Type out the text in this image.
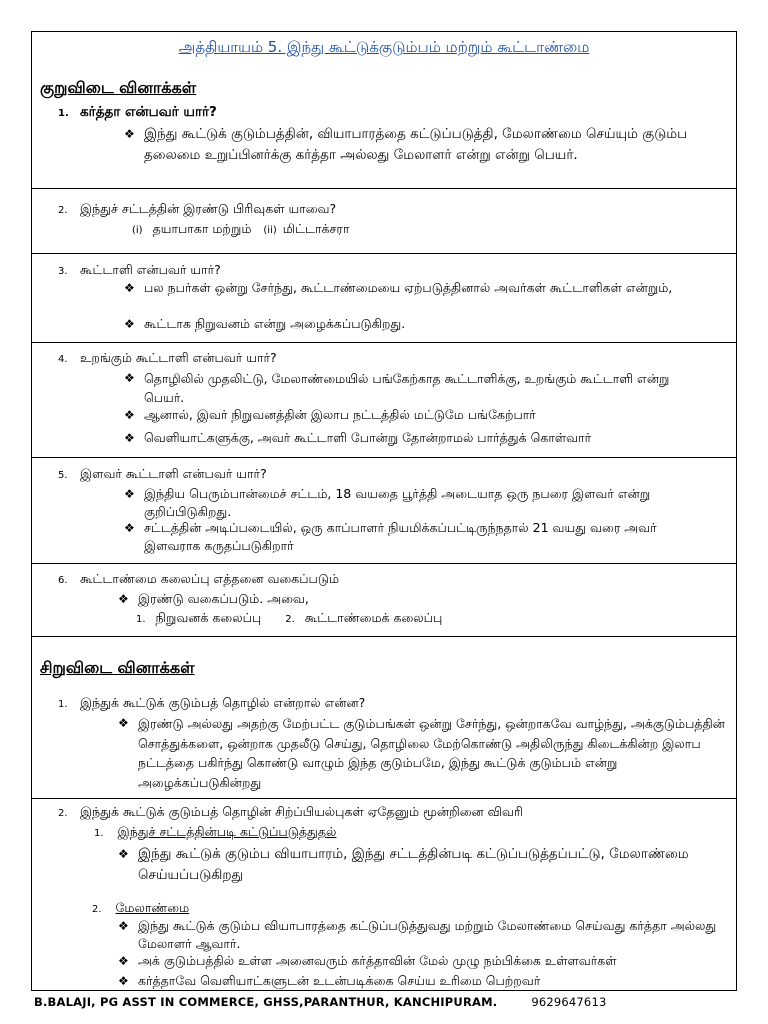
அத்தியாயம் 5. இந்து கூட்டுக்குடும்பம் மற்றும் கூட்டாண்மை
குறுவிடை வினாக்கள்
1. கர்த்தா என்பவர் யார்?
❖ இந்து கூட்டுக் குடும்பத்தின், வியாபாரத்தை கட்டுப்படுத்தி, மேலாண்மை செய்யும் குடும்ப தலைமை உறுப்பினர்க்கு கர்த்தா அல்லது மேலாளர் என்று என்று பெயர்.
2. இந்துச் சட்டத்தின் இரண்டு பிரிவுகள் யாவை?
(i) தயாபாகா மற்றும் (ii) மிட்டாக்சரா
3. கூட்டாளி என்பவர் யார்?
❖ பல நபர்கள் ஒன்று சேர்ந்து, கூட்டாண்மையை ஏற்படுத்தினால் அவர்கள் கூட்டாளிகள் என்றும்,
❖ கூட்டாக நிறுவனம் என்று அழைக்கப்படுகிறது.
4. உறங்கும் கூட்டாளி என்பவர் யார்?
❖ தொழிலில் முதலிட்டு, மேலாண்மையில் பங்கேற்காத கூட்டாளிக்கு, உறங்கும் கூட்டாளி என்று பெயர்.
❖ ஆனால், இவர் நிறுவனத்தின் இலாப நட்டத்தில் மட்டுமே பங்கேற்பார்
❖ வெளியாட்களுக்கு, அவர் கூட்டாளி போன்று தோன்றாமல் பார்த்துக் கொள்வார்
5. இளவர் கூட்டாளி என்பவர் யார்?
❖ இந்திய பெரும்பான்மைச் சட்டம், 18 வயதை பூர்த்தி அடையாத ஒரு நபரை இளவர் என்று குறிப்பிடுகிறது.
❖ சட்டத்தின் அடிப்படையில், ஒரு காப்பாளர் நியமிக்கப்பட்டிருந்நதால் 21 வயது வரை அவர் இளவராக கருதப்படுகிறார்
6. கூட்டாண்மை கலைப்பு எத்தனை வகைப்படும்
❖ இரண்டு வகைப்படும். அவை,
1. நிறுவனக் கலைப்பு 2. கூட்டாண்மைக் கலைப்பு
சிறுவிடை வினாக்கள்
1. இந்துக் கூட்டுக் குடும்பத் தொழில் என்றால் என்ன?
❖ இரண்டு அல்லது அதற்கு மேற்பட்ட குடும்பங்கள் ஒன்று சேர்ந்து, ஒன்றாகவே வாழ்ந்து, அக்குடும்பத்தின் சொத்துக்களை, ஒன்றாக முதலீடு செய்து, தொழிலை மேற்கொண்டு அதிலிருந்து கிடைக்கின்ற இலாப நட்டத்தை பகிர்ந்து கொண்டு வாழும் இந்த குடும்பமே, இந்து கூட்டுக் குடும்பம் என்று அழைக்கப்படுகின்றது
2. இந்துக் கூட்டுக் குடும்பத் தொழின் சிற்ப்பியல்புகள் ஏதேனும் மூன்றினை விவரி
1. இந்துச் சட்டத்தின்படி கட்டுப்படுத்துதல்
❖ இந்து கூட்டுக் குடும்ப வியாபாரம், இந்து சட்டத்தின்படி கட்டுப்படுத்தப்பட்டு, மேலாண்மை செய்யப்படுகிறது
2. மேலாண்மை
❖ இந்து கூட்டுக் குடும்ப வியாபாரத்தை கட்டுப்படுத்துவது மற்றும் மேலாண்மை செய்வது கர்த்தா அல்லது மேலாளர் ஆவார்.
❖ அக் குடும்பத்தில் உள்ள அனைவரும் கர்த்தாவின் மேல் முழு நம்பிக்கை உள்ளவர்கள்
❖ கர்த்தாவே வெளியாட்களுடன் உடன்படிக்கை செய்ய உரிமை பெற்றவர்
B.BALAJI, PG ASST IN COMMERCE, GHSS,PARANTHUR, KANCHIPURAM.	9629647613
